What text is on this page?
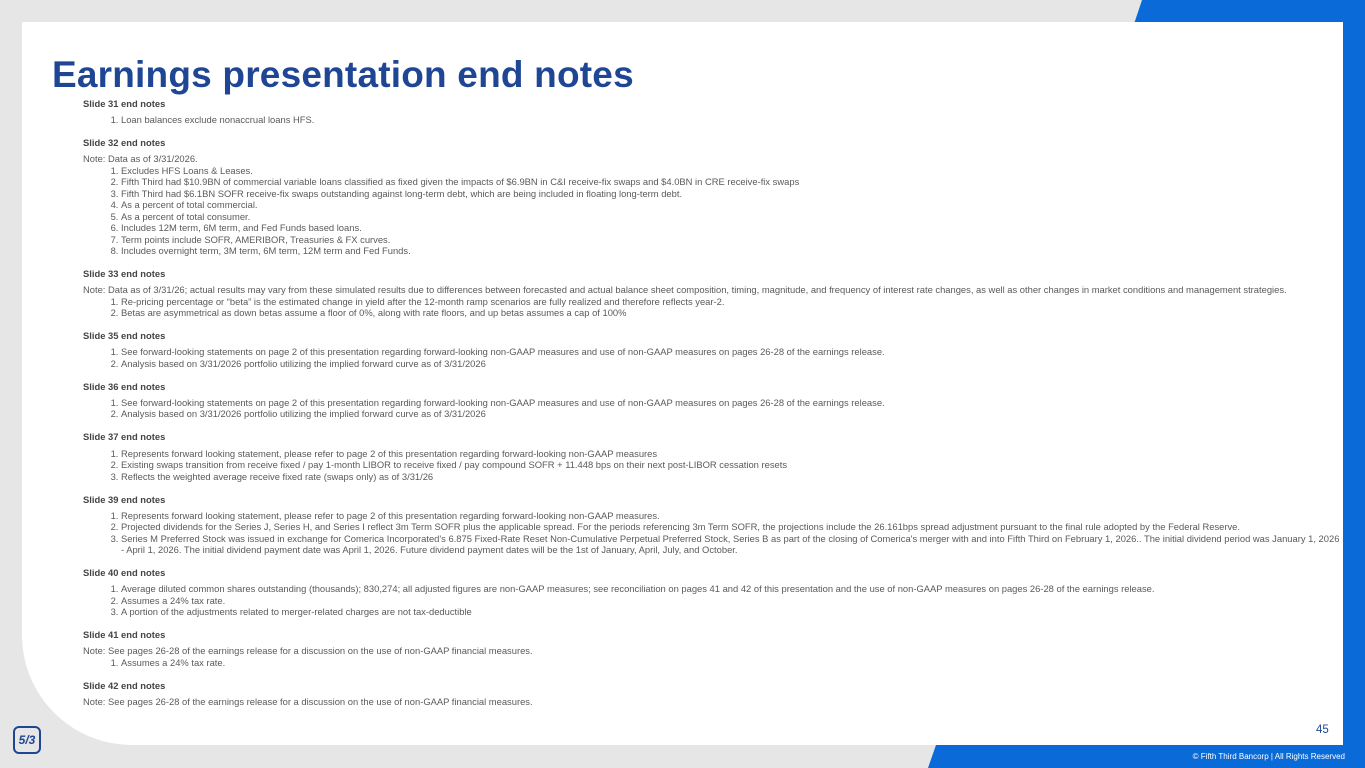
Earnings presentation end notes
Slide 31 end notes
1. Loan balances exclude nonaccrual loans HFS.
Slide 32 end notes
Note: Data as of 3/31/2026.
1. Excludes HFS Loans & Leases.
2. Fifth Third had $10.9BN of commercial variable loans classified as fixed given the impacts of $6.9BN in C&I receive-fix swaps and $4.0BN in CRE receive-fix swaps
3. Fifth Third had $6.1BN SOFR receive-fix swaps outstanding against long-term debt, which are being included in floating long-term debt.
4. As a percent of total commercial.
5. As a percent of total consumer.
6. Includes 12M term, 6M term, and Fed Funds based loans.
7. Term points include SOFR, AMERIBOR, Treasuries & FX curves.
8. Includes overnight term, 3M term, 6M term, 12M term and Fed Funds.
Slide 33 end notes
Note: Data as of 3/31/26; actual results may vary from these simulated results due to differences between forecasted and actual balance sheet composition, timing, magnitude, and frequency of interest rate changes, as well as other changes in market conditions and management strategies.
1. Re-pricing percentage or “beta” is the estimated change in yield after the 12-month ramp scenarios are fully realized and therefore reflects year-2.
2. Betas are asymmetrical as down betas assume a floor of 0%, along with rate floors, and up betas assumes a cap of 100%
Slide 35 end notes
1. See forward-looking statements on page 2 of this presentation regarding forward-looking non-GAAP measures and use of non-GAAP measures on pages 26-28 of the earnings release.
2. Analysis based on 3/31/2026 portfolio utilizing the implied forward curve as of 3/31/2026
Slide 36 end notes
1. See forward-looking statements on page 2 of this presentation regarding forward-looking non-GAAP measures and use of non-GAAP measures on pages 26-28 of the earnings release.
2. Analysis based on 3/31/2026 portfolio utilizing the implied forward curve as of 3/31/2026
Slide 37 end notes
1. Represents forward looking statement, please refer to page 2 of this presentation regarding forward-looking non-GAAP measures
2. Existing swaps transition from receive fixed / pay 1-month LIBOR to receive fixed / pay compound SOFR + 11.448 bps on their next post-LIBOR cessation resets
3. Reflects the weighted average receive fixed rate (swaps only) as of 3/31/26
Slide 39 end notes
1. Represents forward looking statement, please refer to page 2 of this presentation regarding forward-looking non-GAAP measures.
2. Projected dividends for the Series J, Series H, and Series I reflect 3m Term SOFR plus the applicable spread. For the periods referencing 3m Term SOFR, the projections include the 26.161bps spread adjustment pursuant to the final rule adopted by the Federal Reserve.
3. Series M Preferred Stock was issued in exchange for Comerica Incorporated's 6.875 Fixed-Rate Reset Non-Cumulative Perpetual Preferred Stock, Series B as part of the closing of Comerica's merger with and into Fifth Third on February 1, 2026.. The initial dividend period was January 1, 2026 - April 1, 2026. The initial dividend payment date was April 1, 2026. Future dividend payment dates will be the 1st of January, April, July, and October.
Slide 40 end notes
1. Average diluted common shares outstanding (thousands); 830,274; all adjusted figures are non-GAAP measures; see reconciliation on pages 41 and 42 of this presentation and the use of non-GAAP measures on pages 26-28 of the earnings release.
2. Assumes a 24% tax rate.
3. A portion of the adjustments related to merger-related charges are not tax-deductible
Slide 41 end notes
Note: See pages 26-28 of the earnings release for a discussion on the use of non-GAAP financial measures.
1. Assumes a 24% tax rate.
Slide 42 end notes
Note: See pages 26-28 of the earnings release for a discussion on the use of non-GAAP financial measures.
45
5/3
© Fifth Third Bancorp | All Rights Reserved
